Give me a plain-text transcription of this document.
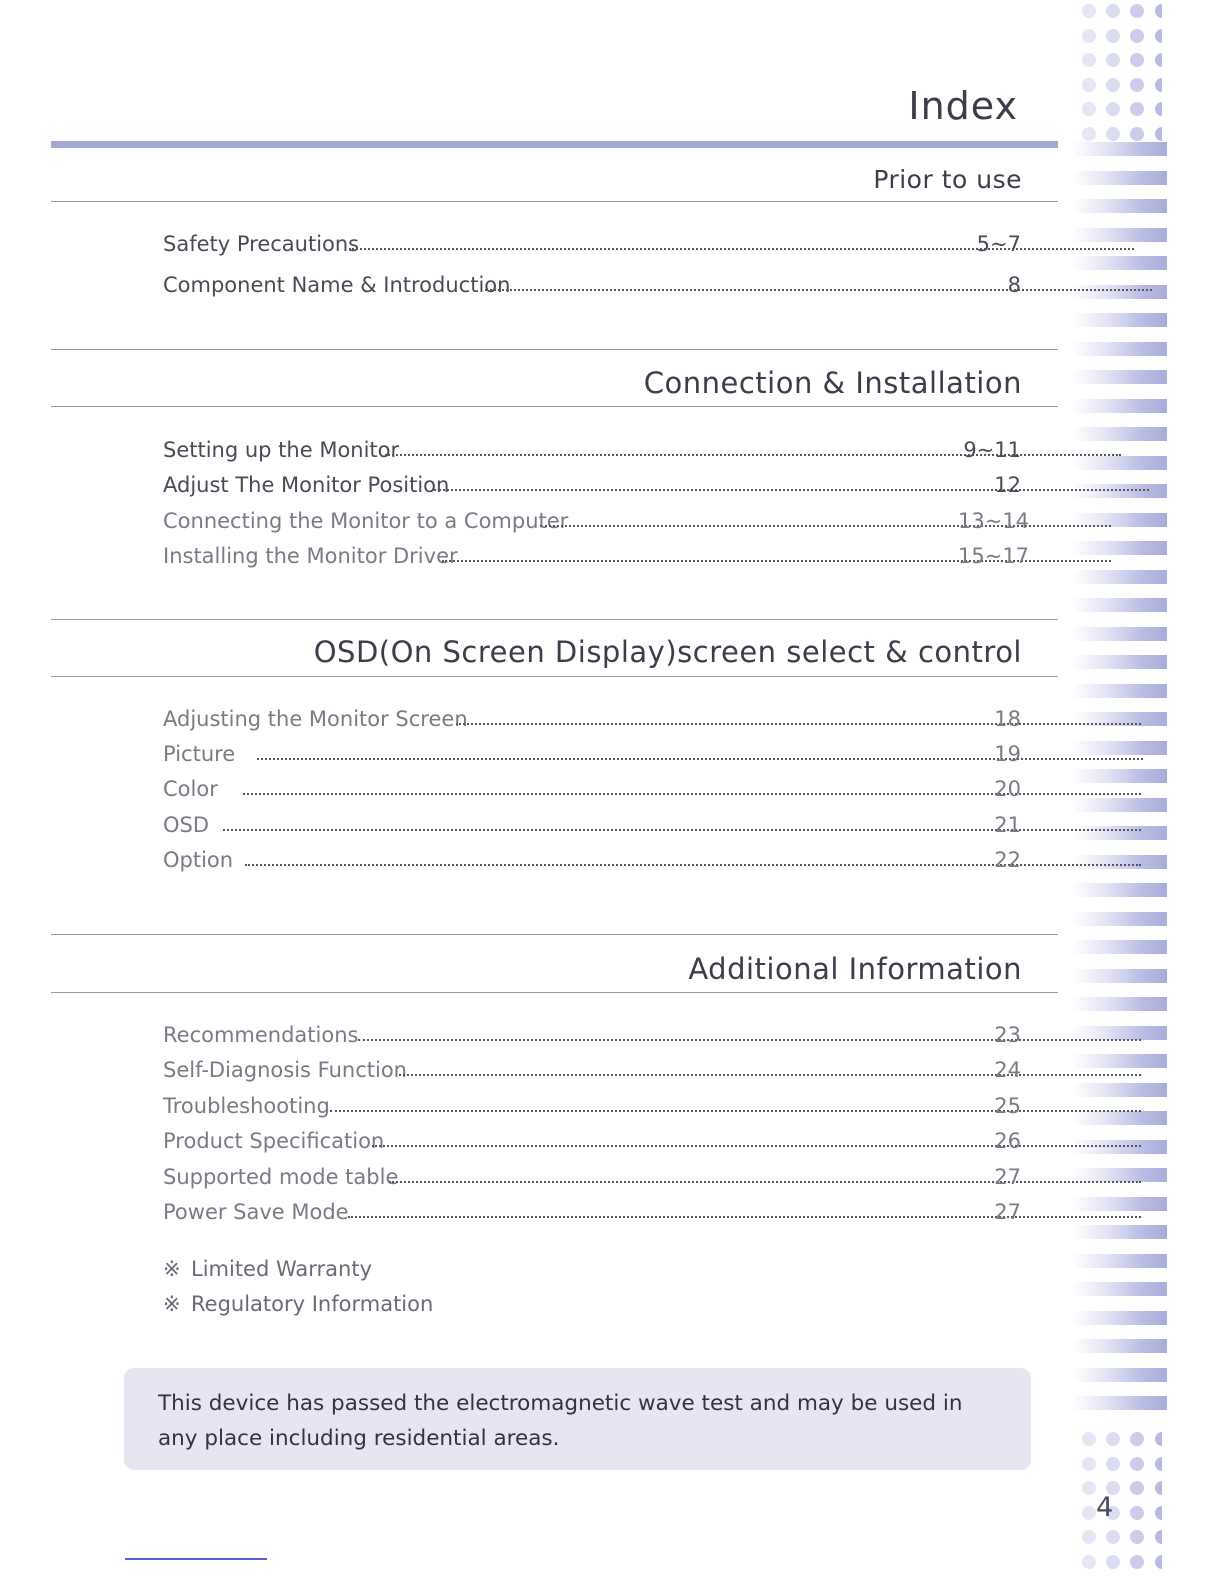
Index
Prior to use
Safety Precautions	5~7
Component Name & Introduction	8
Connection & Installation
Setting up the Monitor	9~11
Adjust The Monitor Position	12
Connecting the Monitor to a Computer	13~14
Installing the Monitor Driver	15~17
OSD(On Screen Display)screen select & control
Adjusting the Monitor Screen	18
Picture	19
Color	20
OSD	21
Option	22
Additional Information
Recommendations	23
Self-Diagnosis Function	24
Troubleshooting	25
Product Specification	26
Supported mode table	27
Power Save Mode	27
※ Limited Warranty
※ Regulatory Information

This device has passed the electromagnetic wave test and may be used in any place including residential areas.

4
